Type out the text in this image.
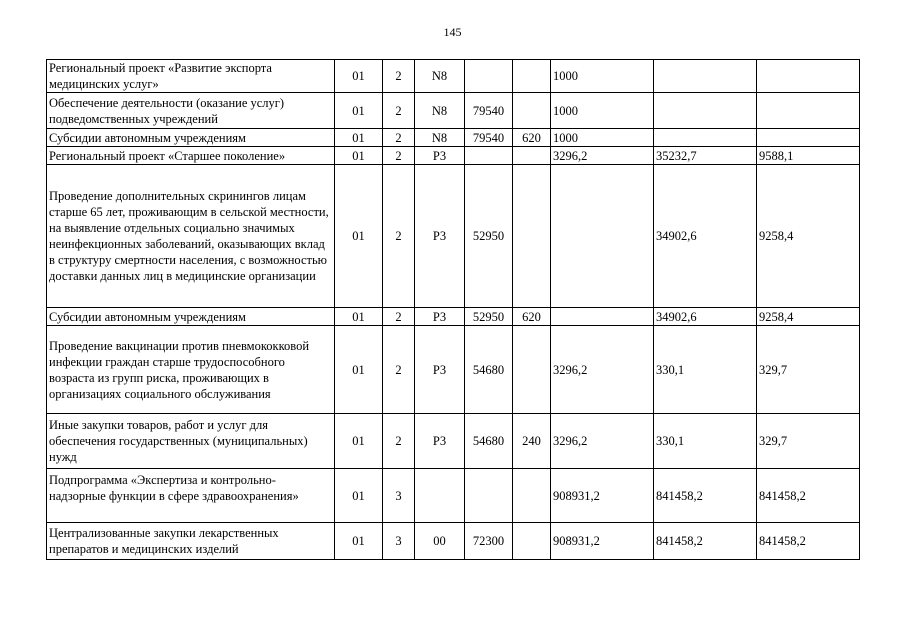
145
Региональный проект «Развитие экспорта медицинских услуг»	01	2	N8			1000		
Обеспечение деятельности (оказание услуг) подведомственных учреждений	01	2	N8	79540		1000		
Субсидии автономным учреждениям	01	2	N8	79540	620	1000		
Региональный проект «Старшее поколение»	01	2	P3			3296,2	35232,7	9588,1
Проведение дополнительных скринингов лицам старше 65 лет, проживающим в сельской местности, на выявление отдельных социально значимых неинфекционных заболеваний, оказывающих вклад в структуру смертности населения, с возможностью доставки данных лиц в медицинские организации	01	2	P3	52950			34902,6	9258,4
Субсидии автономным учреждениям	01	2	P3	52950	620		34902,6	9258,4
Проведение вакцинации против пневмококковой инфекции граждан старше трудоспособного возраста из групп риска, проживающих в организациях социального обслуживания	01	2	P3	54680		3296,2	330,1	329,7
Иные закупки товаров, работ и услуг для обеспечения государственных (муниципальных) нужд	01	2	P3	54680	240	3296,2	330,1	329,7
Подпрограмма «Экспертиза и контрольно-надзорные функции в сфере здравоохранения»	01	3				908931,2	841458,2	841458,2
Централизованные закупки лекарственных препаратов и медицинских изделий	01	3	00	72300		908931,2	841458,2	841458,2
